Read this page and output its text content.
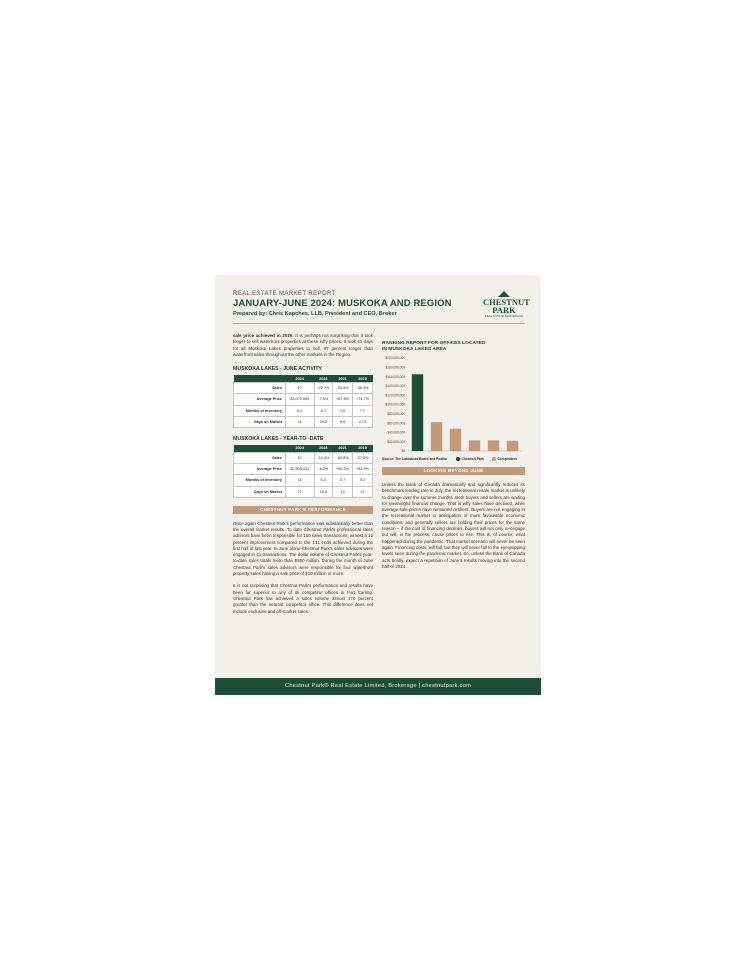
REAL ESTATE MARKET REPORT
JANUARY-JUNE 2024: MUSKOKA AND REGION
Prepared by: Chris Kapches, LLB, President and CEO, Broker
CHESTNUT
PARK
REAL ESTATE BROKERAGE

sale price achieved in 2019. It is perhaps not surprising that it took longer to sell waterfront properties at these lofty prices. It took 41 days for all Muskoka Lakes properties to sell, 57 percent longer than waterfront sales throughout the other markets in the Region.

MUSKOKA LAKES - JUNE ACTIVITY
	2024	2023	2021	2019
Sales	17	-22.7%	-50.5%	-36.3%
Average Price	$3,070,059	-7.0%	+87.6%	+74.7%
Months of Inventory	9.2	6.7	1.6	7.7
Days on Market	41	26.5	8.5	27.5
MUSKOKA LAKES - YEAR-TO -DATE
	2024	2023	2021	2019
Sales	57	-16.8%	-64.8%	-27.8%
Average Price	$2,509,431	-8.2%	+65.2%	+83.3%
Months of Inventory	11	6.2	3.7	9.2
Days on Market	27	18.5	10	27
CHESTNUT PARK'S PERFORMANCE

Once again Chestnut Park's performance was substantially better than the overall market results. To date Chestnut Park's professional sales advisors have been responsible for 150 sales transactions, almost a 15 percent improvement compared to the 131 ends achieved during the first half of last year. In June alone Chestnut Park's sales advisors were engaged in 41 transactions. The dollar volume of Chestnut Park's year-to-date sales totals more than $300 million. During the month of June Chestnut Park's sales advisors were responsible for four waterfront property sales having a sale price of $10 million or more.

It is not surprising that Chestnut Park's performance and results have been far superior to any of its competitor offices in Port Carling. Chestnut Park has achieved a sales volume almost 170 percent greater than the nearest competitor office. This difference does not include exclusive and off-market sales.

RANKING REPORT FOR OFFICES LOCATED
IN MUSKOKA LAKES AREA
$200,000,000
$180,000,000
$160,000,000
$140,000,000
$120,000,000
$100,000,000
$80,000,000
$60,000,000
$40,000,000
$20,000,000
$0
Source: The Lakelands Board and Realtor	Chestnut Park	Competitors
LOOKING BEYOND JUNE

Unless the Bank of Canada dramatically and significantly reduces its benchmark lending rate in July, the recreational resale market is unlikely to change over the summer months. Both buyers and sellers are waiting for meaningful financial change. That is why sales have declined, while average sale prices have remained resilient. Buyers are not engaging in the recreational market in anticipation of more favourable economic conditions, and generally sellers are holding their prices for the same reason – if the cost of financing declines, buyers will not only re-engage but will, in the process, cause prices to rise. This is, of course, what happened during the pandemic. That market scenario will never be seen again. Financing costs, will fall, but they will never fall to the eye-popping levels seen during the pandemic market. So, unless the Bank of Canada acts boldly, expect a repetition of June's results moving into the second half of 2024.

Chestnut Park® Real Estate Limited, Brokerage | chestnutpark.com
